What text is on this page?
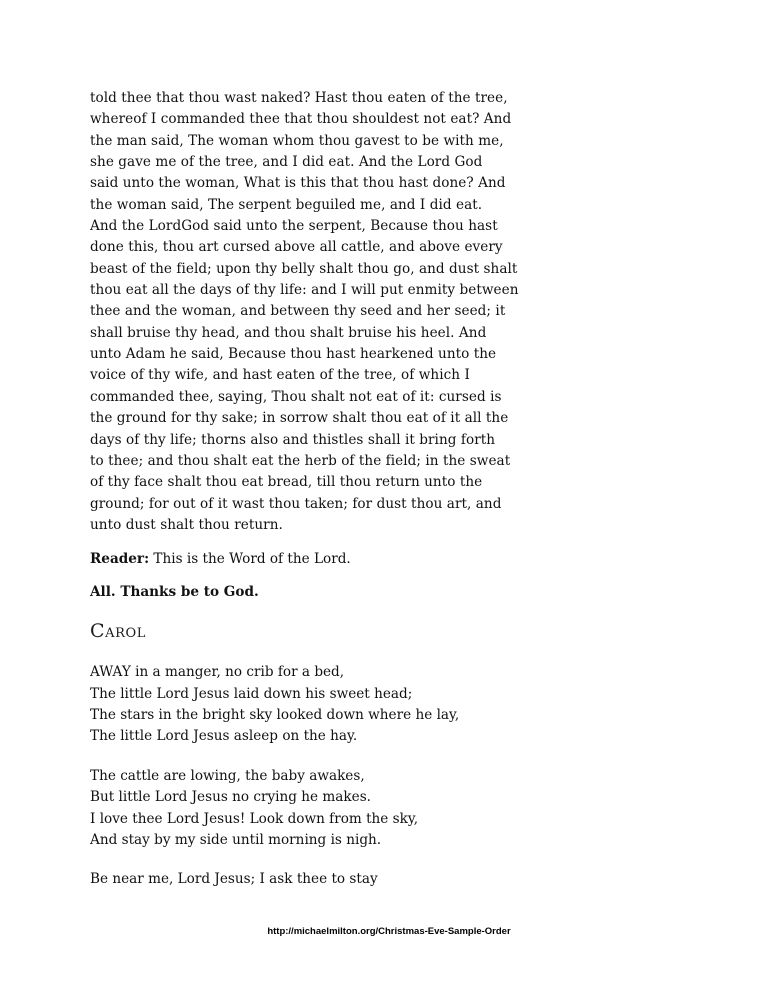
told thee that thou wast naked? Hast thou eaten of the tree,
whereof I commanded thee that thou shouldest not eat? And
the man said, The woman whom thou gavest to be with me,
she gave me of the tree, and I did eat. And the Lord God
said unto the woman, What is this that thou hast done? And
the woman said, The serpent beguiled me, and I did eat.
And the LordGod said unto the serpent, Because thou hast
done this, thou art cursed above all cattle, and above every
beast of the field; upon thy belly shalt thou go, and dust shalt
thou eat all the days of thy life: and I will put enmity between
thee and the woman, and between thy seed and her seed; it
shall bruise thy head, and thou shalt bruise his heel. And
unto Adam he said, Because thou hast hearkened unto the
voice of thy wife, and hast eaten of the tree, of which I
commanded thee, saying, Thou shalt not eat of it: cursed is
the ground for thy sake; in sorrow shalt thou eat of it all the
days of thy life; thorns also and thistles shall it bring forth
to thee; and thou shalt eat the herb of the field; in the sweat
of thy face shalt thou eat bread, till thou return unto the
ground; for out of it wast thou taken; for dust thou art, and
unto dust shalt thou return.
Reader: This is the Word of the Lord.
All. Thanks be to God.
Carol
AWAY in a manger, no crib for a bed,
The little Lord Jesus laid down his sweet head;
The stars in the bright sky looked down where he lay,
The little Lord Jesus asleep on the hay.
The cattle are lowing, the baby awakes,
But little Lord Jesus no crying he makes.
I love thee Lord Jesus! Look down from the sky,
And stay by my side until morning is nigh.
Be near me, Lord Jesus; I ask thee to stay
http://michaelmilton.org/Christmas-Eve-Sample-Order
